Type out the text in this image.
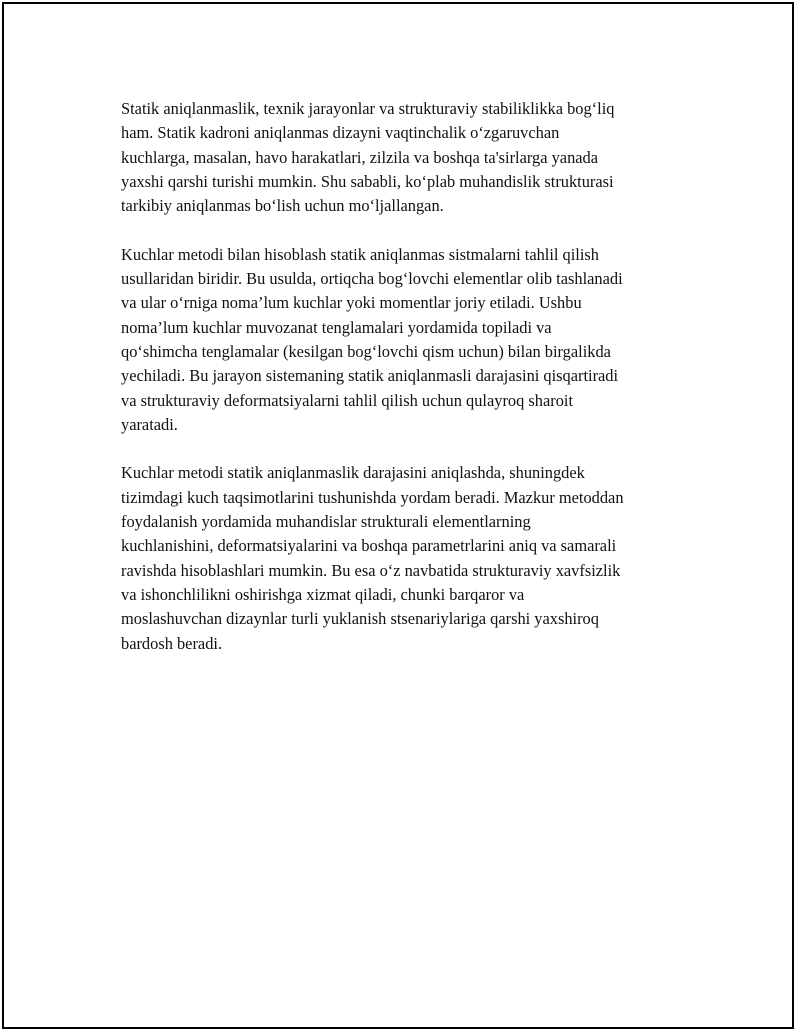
Statik aniqlanmaslik, texnik jarayonlar va strukturaviy stabiliklikka bog‘liq
ham. Statik kadroni aniqlanmas dizayni vaqtinchalik o‘zgaruvchan
kuchlarga, masalan, havo harakatlari, zilzila va boshqa ta'sirlarga yanada
yaxshi qarshi turishi mumkin. Shu sababli, ko‘plab muhandislik strukturasi
tarkibiy aniqlanmas bo‘lish uchun mo‘ljallangan.

Kuchlar metodi bilan hisoblash statik aniqlanmas sistmalarni tahlil qilish
usullaridan biridir. Bu usulda, ortiqcha bog‘lovchi elementlar olib tashlanadi
va ular o‘rniga noma’lum kuchlar yoki momentlar joriy etiladi. Ushbu
noma’lum kuchlar muvozanat tenglamalari yordamida topiladi va
qo‘shimcha tenglamalar (kesilgan bog‘lovchi qism uchun) bilan birgalikda
yechiladi. Bu jarayon sistemaning statik aniqlanmasli darajasini qisqartiradi
va strukturaviy deformatsiyalarni tahlil qilish uchun qulayroq sharoit
yaratadi.

Kuchlar metodi statik aniqlanmaslik darajasini aniqlashda, shuningdek
tizimdagi kuch taqsimotlarini tushunishda yordam beradi. Mazkur metoddan
foydalanish yordamida muhandislar strukturali elementlarning
kuchlanishini, deformatsiyalarini va boshqa parametrlarini aniq va samarali
ravishda hisoblashlari mumkin. Bu esa o‘z navbatida strukturaviy xavfsizlik
va ishonchlilikni oshirishga xizmat qiladi, chunki barqaror va
moslashuvchan dizaynlar turli yuklanish stsenariylariga qarshi yaxshiroq
bardosh beradi.
